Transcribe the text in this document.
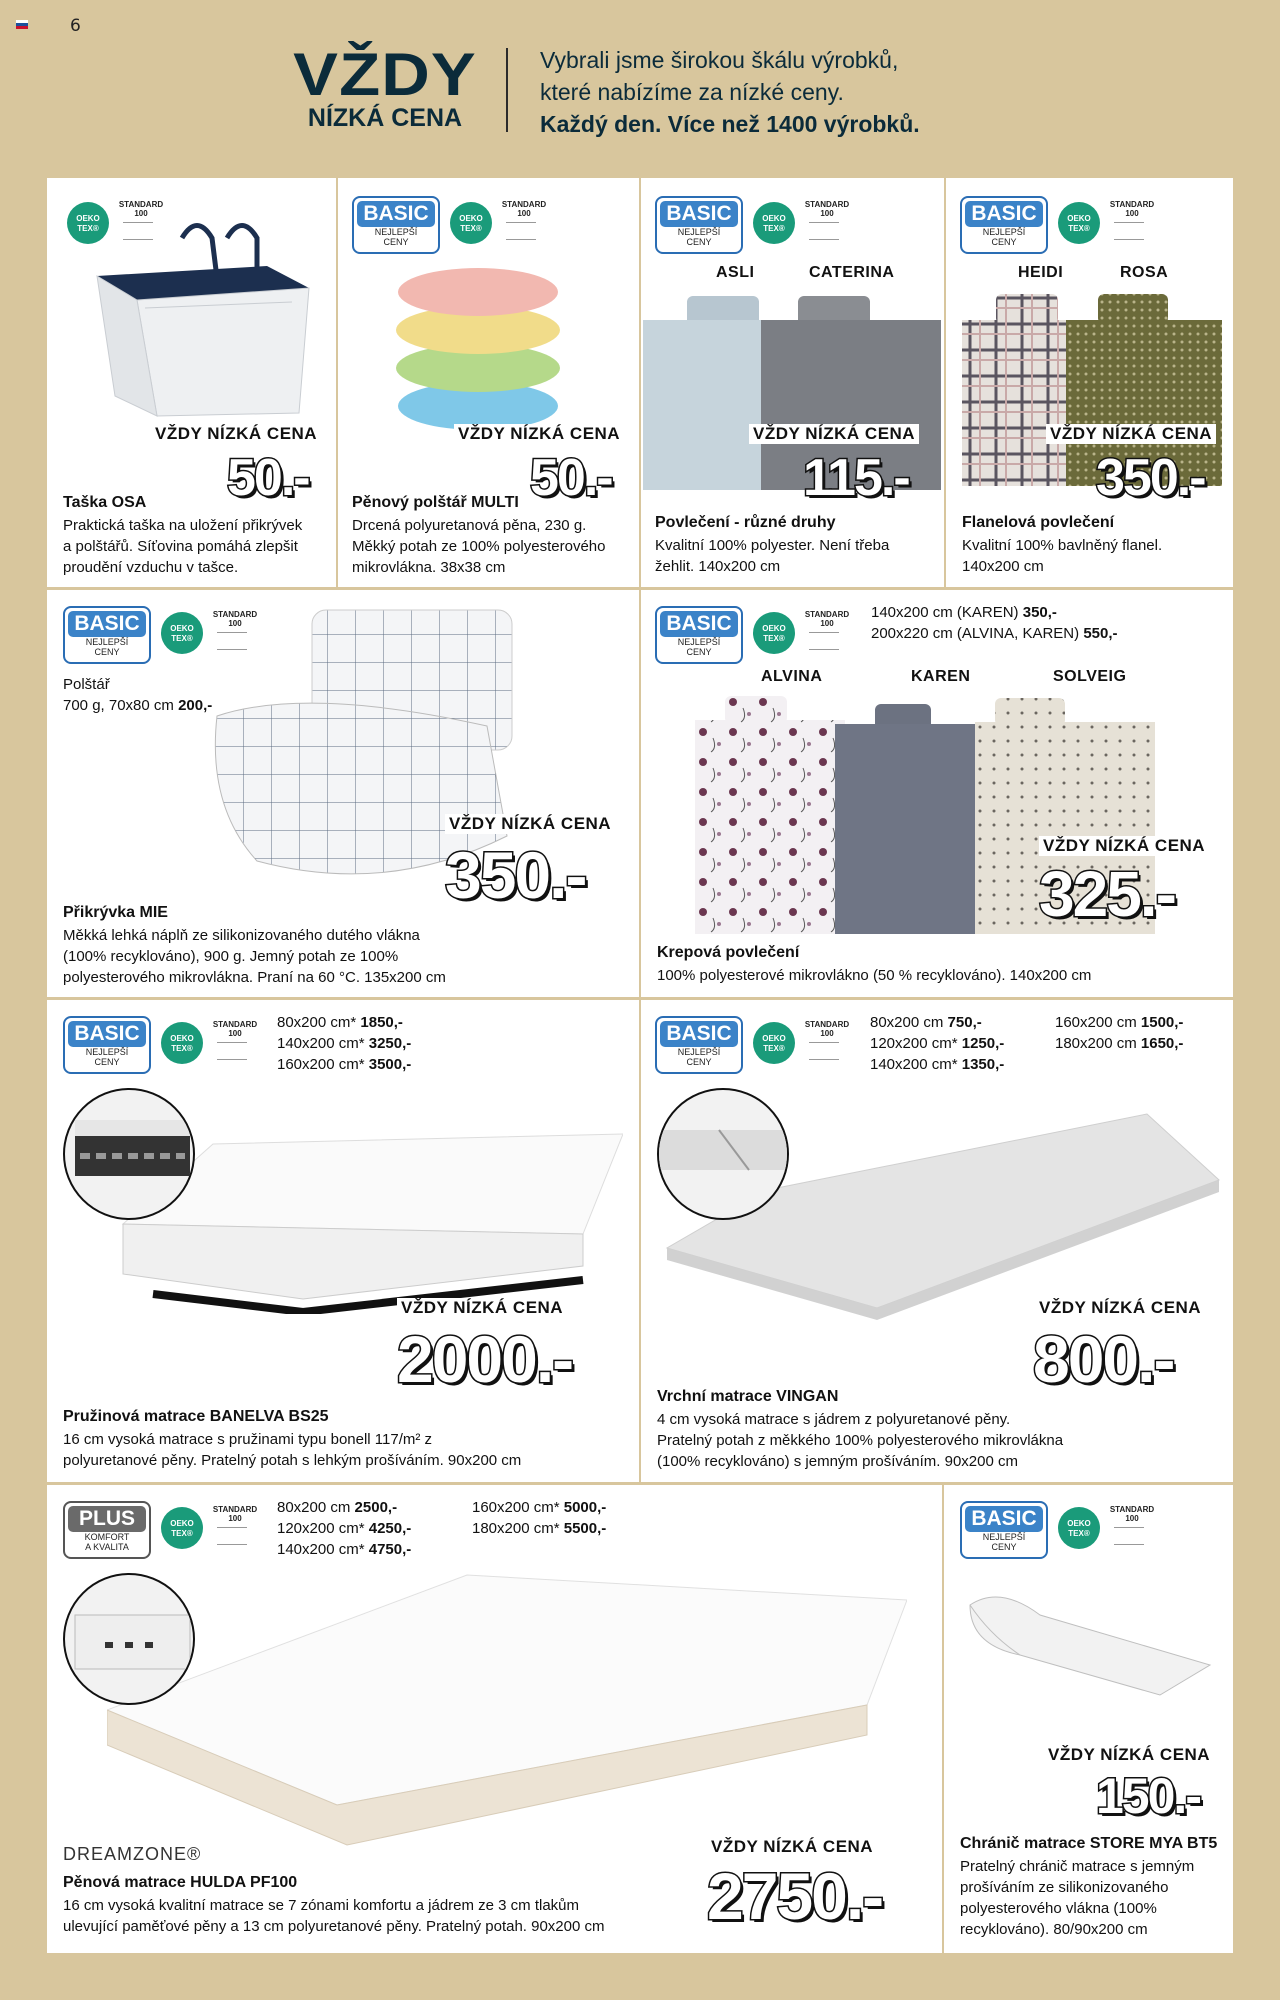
6
VŽDY
NÍZKÁ CENA
Vybrali jsme širokou škálu výrobků,
které nabízíme za nízké ceny.
Každý den. Více než 1400 výrobků.
OEKO
TEX®
STANDARD
100
VŽDY NÍZKÁ CENA
50.-
Taška OSA
Praktická taška na uložení přikrývek
a polštářů. Síťovina pomáhá zlepšit
proudění vzduchu v tašce.
BASIC
NEJLEPŠÍ
CENY
OEKO
TEX®
STANDARD
100
VŽDY NÍZKÁ CENA
50.-
Pěnový polštář MULTI
Drcená polyuretanová pěna, 230 g.
Měkký potah ze 100% polyesterového
mikrovlákna. 38x38 cm
BASIC
NEJLEPŠÍ
CENY
OEKO
TEX®
STANDARD
100
ASLI	CATERINA
VŽDY NÍZKÁ CENA
115.-
Povlečení - různé druhy
Kvalitní 100% polyester. Není třeba
žehlit. 140x200 cm
BASIC
NEJLEPŠÍ
CENY
OEKO
TEX®
STANDARD
100
HEIDI	ROSA
VŽDY NÍZKÁ CENA
350.-
Flanelová povlečení
Kvalitní 100% bavlněný flanel.
140x200 cm
BASIC
NEJLEPŠÍ
CENY
OEKO
TEX®
STANDARD
100
Polštář
700 g, 70x80 cm 200,-
VŽDY NÍZKÁ CENA
350.-
Přikrývka MIE
Měkká lehká náplň ze silikonizovaného dutého vlákna
(100% recyklováno), 900 g. Jemný potah ze 100%
polyesterového mikrovlákna. Praní na 60 °C. 135x200 cm
BASIC
NEJLEPŠÍ
CENY
OEKO
TEX®
STANDARD
100
140x200 cm (KAREN) 350,-
200x220 cm (ALVINA, KAREN) 550,-
ALVINA	KAREN	SOLVEIG
VŽDY NÍZKÁ CENA
325.-
Krepová povlečení
100% polyesterové mikrovlákno (50 % recyklováno). 140x200 cm
BASIC
NEJLEPŠÍ
CENY
OEKO
TEX®
STANDARD
100
80x200 cm* 1850,-
140x200 cm* 3250,-
160x200 cm* 3500,-
VŽDY NÍZKÁ CENA
2000.-
Pružinová matrace BANELVA BS25
16 cm vysoká matrace s pružinami typu bonell 117/m² z
polyuretanové pěny. Pratelný potah s lehkým prošíváním. 90x200 cm
BASIC
NEJLEPŠÍ
CENY
OEKO
TEX®
STANDARD
100
80x200 cm 750,-
120x200 cm* 1250,-
140x200 cm* 1350,-
160x200 cm 1500,-
180x200 cm 1650,-
VŽDY NÍZKÁ CENA
800.-
Vrchní matrace VINGAN
4 cm vysoká matrace s jádrem z polyuretanové pěny.
Pratelný potah z měkkého 100% polyesterového mikrovlákna
(100% recyklováno) s jemným prošíváním. 90x200 cm
PLUS
KOMFORT
A KVALITA
OEKO
TEX®
STANDARD
100
80x200 cm 2500,-
120x200 cm* 4250,-
140x200 cm* 4750,-
160x200 cm* 5000,-
180x200 cm* 5500,-
DREAMZONE®	VŽDY NÍZKÁ CENA
2750.-
Pěnová matrace HULDA PF100
16 cm vysoká kvalitní matrace se 7 zónami komfortu a jádrem ze 3 cm tlakům
ulevující paměťové pěny a 13 cm polyuretanové pěny. Pratelný potah. 90x200 cm
BASIC
NEJLEPŠÍ
CENY
OEKO
TEX®
STANDARD
100
VŽDY NÍZKÁ CENA
150.-
Chránič matrace STORE MYA BT5
Pratelný chránič matrace s jemným
prošíváním ze silikonizovaného
polyesterového vlákna (100%
recyklováno). 80/90x200 cm
